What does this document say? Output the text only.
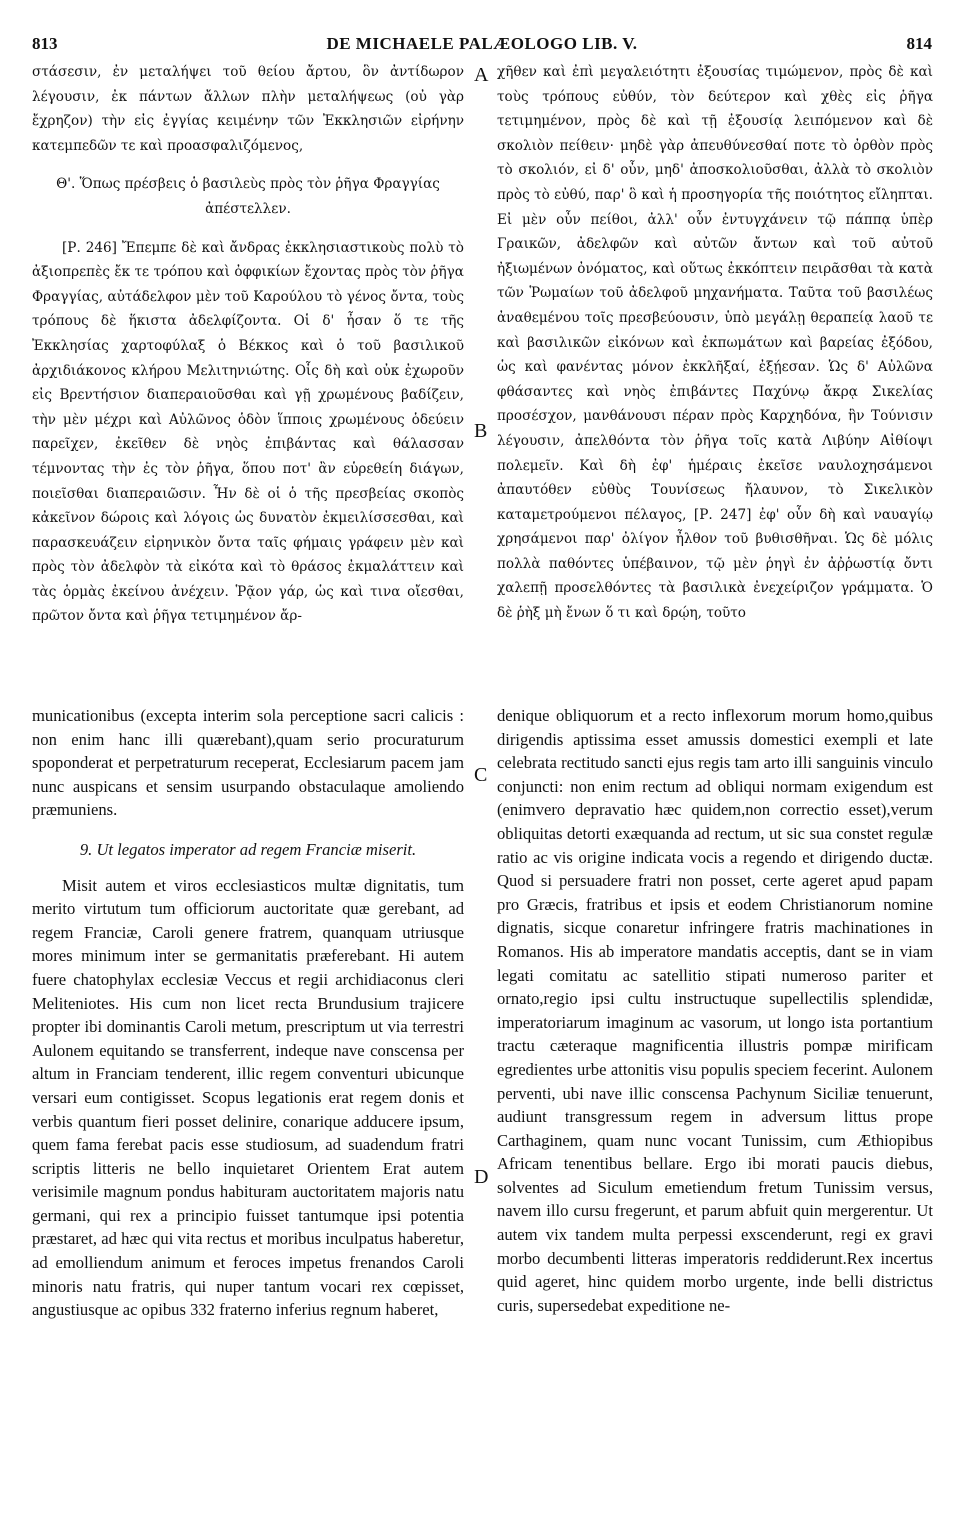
813	DE MICHAELE PALÆOLOGO LIB. V.	814

στάσεσιν, ἐν μεταλήψει τοῦ θείου ἄρτου, ὃν ἀντίδωρον λέγουσιν, ἐκ πάντων ἄλλων πλὴν μεταλήψεως (οὐ γὰρ ἔχρηζον) τὴν εἰς ἐγγίας κειμένην τῶν Ἐκκλησιῶν εἰρήνην κατεμπεδῶν τε καὶ προασφαλιζόμενος,

Θ'. Ὅπως πρέσβεις ὁ βασιλεὺς πρὸς τὸν ῥῆγα Φραγγίας ἀπέστελλεν.

[Ρ. 246] Ἔπεμπε δὲ καὶ ἄνδρας ἐκκλησιαστικοὺς πολὺ τὸ ἀξιοπρεπὲς ἔκ τε τρόπου καὶ ὀφφικίων ἔχοντας πρὸς τὸν ῥῆγα Φραγγίας, αὐτάδελφον μὲν τοῦ Καρούλου τὸ γένος ὄντα, τοὺς τρόπους δὲ ἥκιστα ἀδελφίζοντα. Οἱ δ' ἦσαν ὅ τε τῆς Ἐκκλησίας χαρτοφύλαξ ὁ Βέκκος καὶ ὁ τοῦ βασιλικοῦ ἀρχιδιάκονος κλήρου Μελιτηνιώτης. Οἷς δὴ καὶ οὐκ ἐχωροῦν εἰς Βρεντήσιον διαπεραιοῦσθαι καὶ γῇ χρωμένους βαδίζειν, τὴν μὲν μέχρι καὶ Αὐλῶνος ὁδὸν ἵπποις χρωμένους ὁδεύειν παρεῖχεν, ἐκεῖθεν δὲ νηὸς ἐπιβάντας καὶ θάλασσαν τέμνοντας τὴν ἐς τὸν ῥῆγα, ὅπου ποτ' ἂν εὑρεθείη διάγων, ποιεῖσθαι διαπεραιῶσιν. Ἦν δὲ οἱ ὁ τῆς πρεσβείας σκοπὸς κἀκεῖνον δώροις καὶ λόγοις ὡς δυνατὸν ἐκμειλίσσεσθαι, καὶ παρασκευάζειν εἰρηνικὸν ὄντα ταῖς φήμαις γράφειν μὲν καὶ πρὸς τὸν ἀδελφὸν τὰ εἰκότα καὶ τὸ θράσος ἐκμαλάττειν καὶ τὰς ὁρμὰς ἐκείνου ἀνέχειν. Ῥᾷον γάρ, ὡς καὶ τινα οἴεσθαι, πρῶτον ὄντα καὶ ῥῆγα τετιμημένον ἄρ-

χῆθεν καὶ ἐπὶ μεγαλειότητι ἐξουσίας τιμώμενον, πρὸς δὲ καὶ τοὺς τρόπους εὐθύν, τὸν δεύτερον καὶ χθὲς εἰς ῥῆγα τετιμημένον, πρὸς δὲ καὶ τῇ ἐξουσίᾳ λειπόμενον καὶ δὲ σκολιὸν πείθειν· μηδὲ γὰρ ἀπευθύνεσθαί ποτε τὸ ὀρθὸν πρὸς τὸ σκολιόν, εἰ δ' οὖν, μηδ' ἀποσκολιοῦσθαι, ἀλλὰ τὸ σκολιὸν πρὸς τὸ εὐθύ, παρ' ὃ καὶ ἡ προσηγορία τῆς ποιότητος εἴληπται. Εἰ μὲν οὖν πείθοι, ἀλλ' οὖν ἐντυγχάνειν τῷ πάππᾳ ὑπὲρ Γραικῶν, ἀδελφῶν καὶ αὐτῶν ἄντων καὶ τοῦ αὐτοῦ ἠξιωμένων ὀνόματος, καὶ οὕτως ἐκκόπτειν πειρᾶσθαι τὰ κατὰ τῶν Ῥωμαίων τοῦ ἀδελφοῦ μηχανήματα. Ταῦτα τοῦ βασιλέως ἀναθεμένου τοῖς πρεσβεύουσιν, ὑπὸ μεγάλῃ θεραπείᾳ λαοῦ τε καὶ βασιλικῶν εἰκόνων καὶ ἐκπωμάτων καὶ βαρείας ἐξόδου, ὡς καὶ φανέντας μόνον ἐκκλῆξαί, ἐξῄεσαν. Ὡς δ' Αὐλῶνα φθάσαντες καὶ νηὸς ἐπιβάντες Παχύνῳ ἄκρᾳ Σικελίας προσέσχον, μανθάνουσι πέραν πρὸς Καρχηδόνα, ἣν Τούνισιν λέγουσιν, ἀπελθόντα τὸν ῥῆγα τοῖς κατὰ Λιβύην Αἰθίοψι πολεμεῖν. Καὶ δὴ ἐφ' ἡμέραις ἐκεῖσε ναυλοχησάμενοι ἀπαυτόθεν εὐθὺς Τουνίσεως ἤλαυνον, τὸ Σικελικὸν καταμετρούμενοι πέλαγος, [Ρ. 247] ἐφ' οὗν δὴ καὶ ναυαγίῳ χρησάμενοι παρ' ὀλίγον ἦλθον τοῦ βυθισθῆναι. Ὡς δὲ μόλις πολλὰ παθόντες ὑπέβαινον, τῷ μὲν ῥηγὶ ἐν ἀῤῥωστίᾳ ὄντι χαλεπῇ προσελθόντες τὰ βασιλικὰ ἐνεχείριζον γράμματα. Ὁ δὲ ῥὴξ μὴ ἔνων ὅ τι καὶ δρῴη, τοῦτο

municationibus (excepta interim sola perceptione sacri calicis : non enim hanc illi quærebant),quam serio procuraturum spoponderat et perpetraturum receperat, Ecclesiarum pacem jam nunc auspicans et sensim usurpando obstaculaque amoliendo præmuniens.

9. Ut legatos imperator ad regem Franciæ miserit.

Misit autem et viros ecclesiasticos multæ dignitatis, tum merito virtutum tum officiorum auctoritate quæ gerebant, ad regem Franciæ, Caroli genere fratrem, quanquam utriusque mores minimum inter se germanitatis præferebant. Hi autem fuere chatophylax ecclesiæ Veccus et regii archidiaconus cleri Meliteniotes. His cum non licet recta Brundusium trajicere propter ibi dominantis Caroli metum, prescriptum ut via terrestri Aulonem equitando se transferrent, indeque nave conscensa per altum in Franciam tenderent, illic regem conventuri ubicunque versari eum contigisset. Scopus legationis erat regem donis et verbis quantum fieri posset delinire, conarique adducere ipsum, quem fama ferebat pacis esse studiosum, ad suadendum fratri scriptis litteris ne bello inquietaret Orientem Erat autem verisimile magnum pondus habituram auctoritatem majoris natu germani, qui rex a principio fuisset tantumque ipsi potentia præstaret, ad hæc qui vita rectus et moribus inculpatus haberetur, ad emolliendum animum et feroces impetus frenandos Caroli minoris natu fratris, qui nuper tantum vocari rex cœpisset, angustiusque ac opibus 332 fraterno inferius regnum haberet,

denique obliquorum et a recto inflexorum morum homo,quibus dirigendis aptissima esset amussis domestici exempli et late celebrata rectitudo sancti ejus regis tam arto illi sanguinis vinculo conjuncti: non enim rectum ad obliqui normam exigendum est (enimvero depravatio hæc quidem,non correctio esset),verum obliquitas detorti exæquanda ad rectum, ut sic sua constet regulæ ratio ac vis origine indicata vocis a regendo et dirigendo ductæ. Quod si persuadere fratri non posset, certe ageret apud papam pro Græcis, fratribus et ipsis et eodem Christianorum nomine dignatis, sicque conaretur infringere fratris machinationes in Romanos. His ab imperatore mandatis acceptis, dant se in viam legati comitatu ac satellitio stipati numeroso pariter et ornato,regio ipsi cultu instructuque supellectilis splendidæ, imperatoriarum imaginum ac vasorum, ut longo ista portantium tractu cæteraque magnificentia illustris pompæ mirificam egredientes urbe attonitis visu populis speciem fecerint. Aulonem perventi, ubi nave illic conscensa Pachynum Siciliæ tenuerunt, audiunt transgressum regem in adversum littus prope Carthaginem, quam nunc vocant Tunissim, cum Æthiopibus Africam tenentibus bellare. Ergo ibi morati paucis diebus, solventes ad Siculum emetiendum fretum Tunissim versus, navem illo cursu fregerunt, et parum abfuit quin mergerentur. Ut autem vix tandem multa perpessi exscenderunt, regi ex gravi morbo decumbenti litteras imperatoris reddiderunt.Rex incertus quid ageret, hinc quidem morbo urgente, inde belli districtus curis, supersedebat expeditione ne-

A
B
C
D
